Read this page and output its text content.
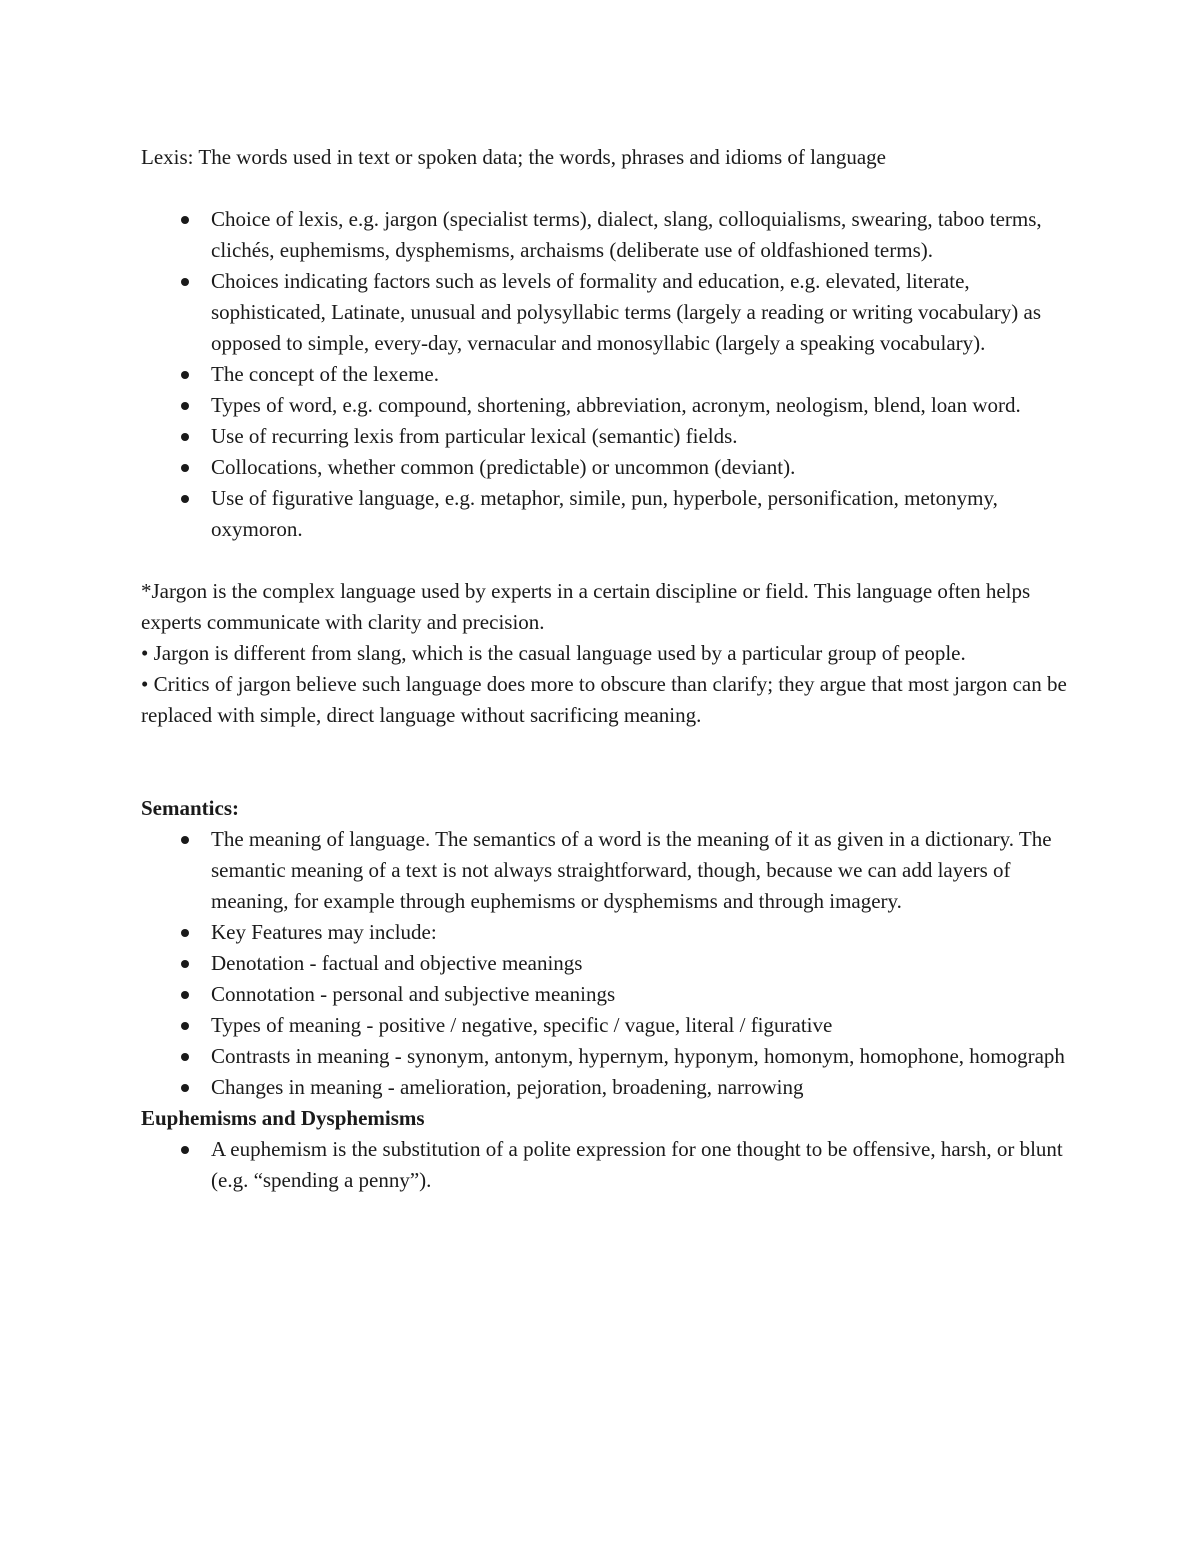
Lexis: The words used in text or spoken data; the words, phrases and idioms of language

Choice of lexis, e.g. jargon (specialist terms), dialect, slang, colloquialisms, swearing, taboo terms, clichés, euphemisms, dysphemisms, archaisms (deliberate use of oldfashioned terms).
Choices indicating factors such as levels of formality and education, e.g. elevated, literate, sophisticated, Latinate, unusual and polysyllabic terms (largely a reading or writing vocabulary) as opposed to simple, every-day, vernacular and monosyllabic (largely a speaking vocabulary).
The concept of the lexeme.
Types of word, e.g. compound, shortening, abbreviation, acronym, neologism, blend, loan word.
Use of recurring lexis from particular lexical (semantic) fields.
Collocations, whether common (predictable) or uncommon (deviant).
Use of figurative language, e.g. metaphor, simile, pun, hyperbole, personification, metonymy, oxymoron.

*Jargon is the complex language used by experts in a certain discipline or field. This language often helps experts communicate with clarity and precision.

• Jargon is different from slang, which is the casual language used by a particular group of people.

• Critics of jargon believe such language does more to obscure than clarify; they argue that most jargon can be replaced with simple, direct language without sacrificing meaning.

Semantics:

The meaning of language. The semantics of a word is the meaning of it as given in a dictionary. The semantic meaning of a text is not always straightforward, though, because we can add layers of meaning, for example through euphemisms or dysphemisms and through imagery.
Key Features may include:
Denotation - factual and objective meanings
Connotation - personal and subjective meanings
Types of meaning - positive / negative, specific / vague, literal / figurative
Contrasts in meaning - synonym, antonym, hypernym, hyponym, homonym, homophone, homograph
Changes in meaning - amelioration, pejoration, broadening, narrowing

Euphemisms and Dysphemisms

A euphemism is the substitution of a polite expression for one thought to be offensive, harsh, or blunt (e.g. “spending a penny”).
